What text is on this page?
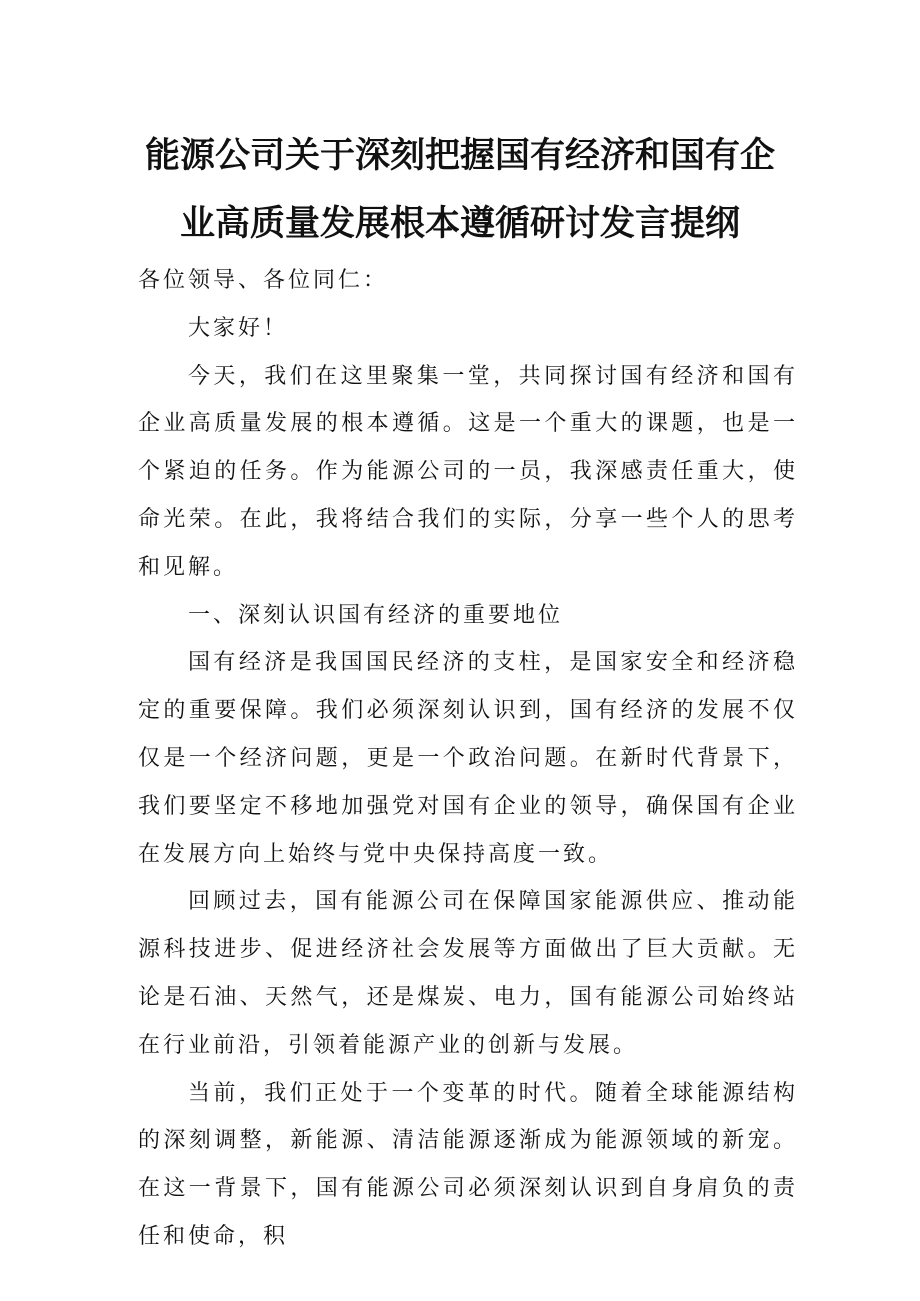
能源公司关于深刻把握国有经济和国有企
业高质量发展根本遵循研讨发言提纲

各位领导、各位同仁：

大家好！

今天，我们在这里聚集一堂，共同探讨国有经济和国有企业高质量发展的根本遵循。这是一个重大的课题，也是一个紧迫的任务。作为能源公司的一员，我深感责任重大，使命光荣。在此，我将结合我们的实际，分享一些个人的思考和见解。

一、深刻认识国有经济的重要地位

国有经济是我国国民经济的支柱，是国家安全和经济稳定的重要保障。我们必须深刻认识到，国有经济的发展不仅仅是一个经济问题，更是一个政治问题。在新时代背景下，我们要坚定不移地加强党对国有企业的领导，确保国有企业在发展方向上始终与党中央保持高度一致。

回顾过去，国有能源公司在保障国家能源供应、推动能源科技进步、促进经济社会发展等方面做出了巨大贡献。无论是石油、天然气，还是煤炭、电力，国有能源公司始终站在行业前沿，引领着能源产业的创新与发展。

当前，我们正处于一个变革的时代。随着全球能源结构的深刻调整，新能源、清洁能源逐渐成为能源领域的新宠。在这一背景下，国有能源公司必须深刻认识到自身肩负的责任和使命，积
